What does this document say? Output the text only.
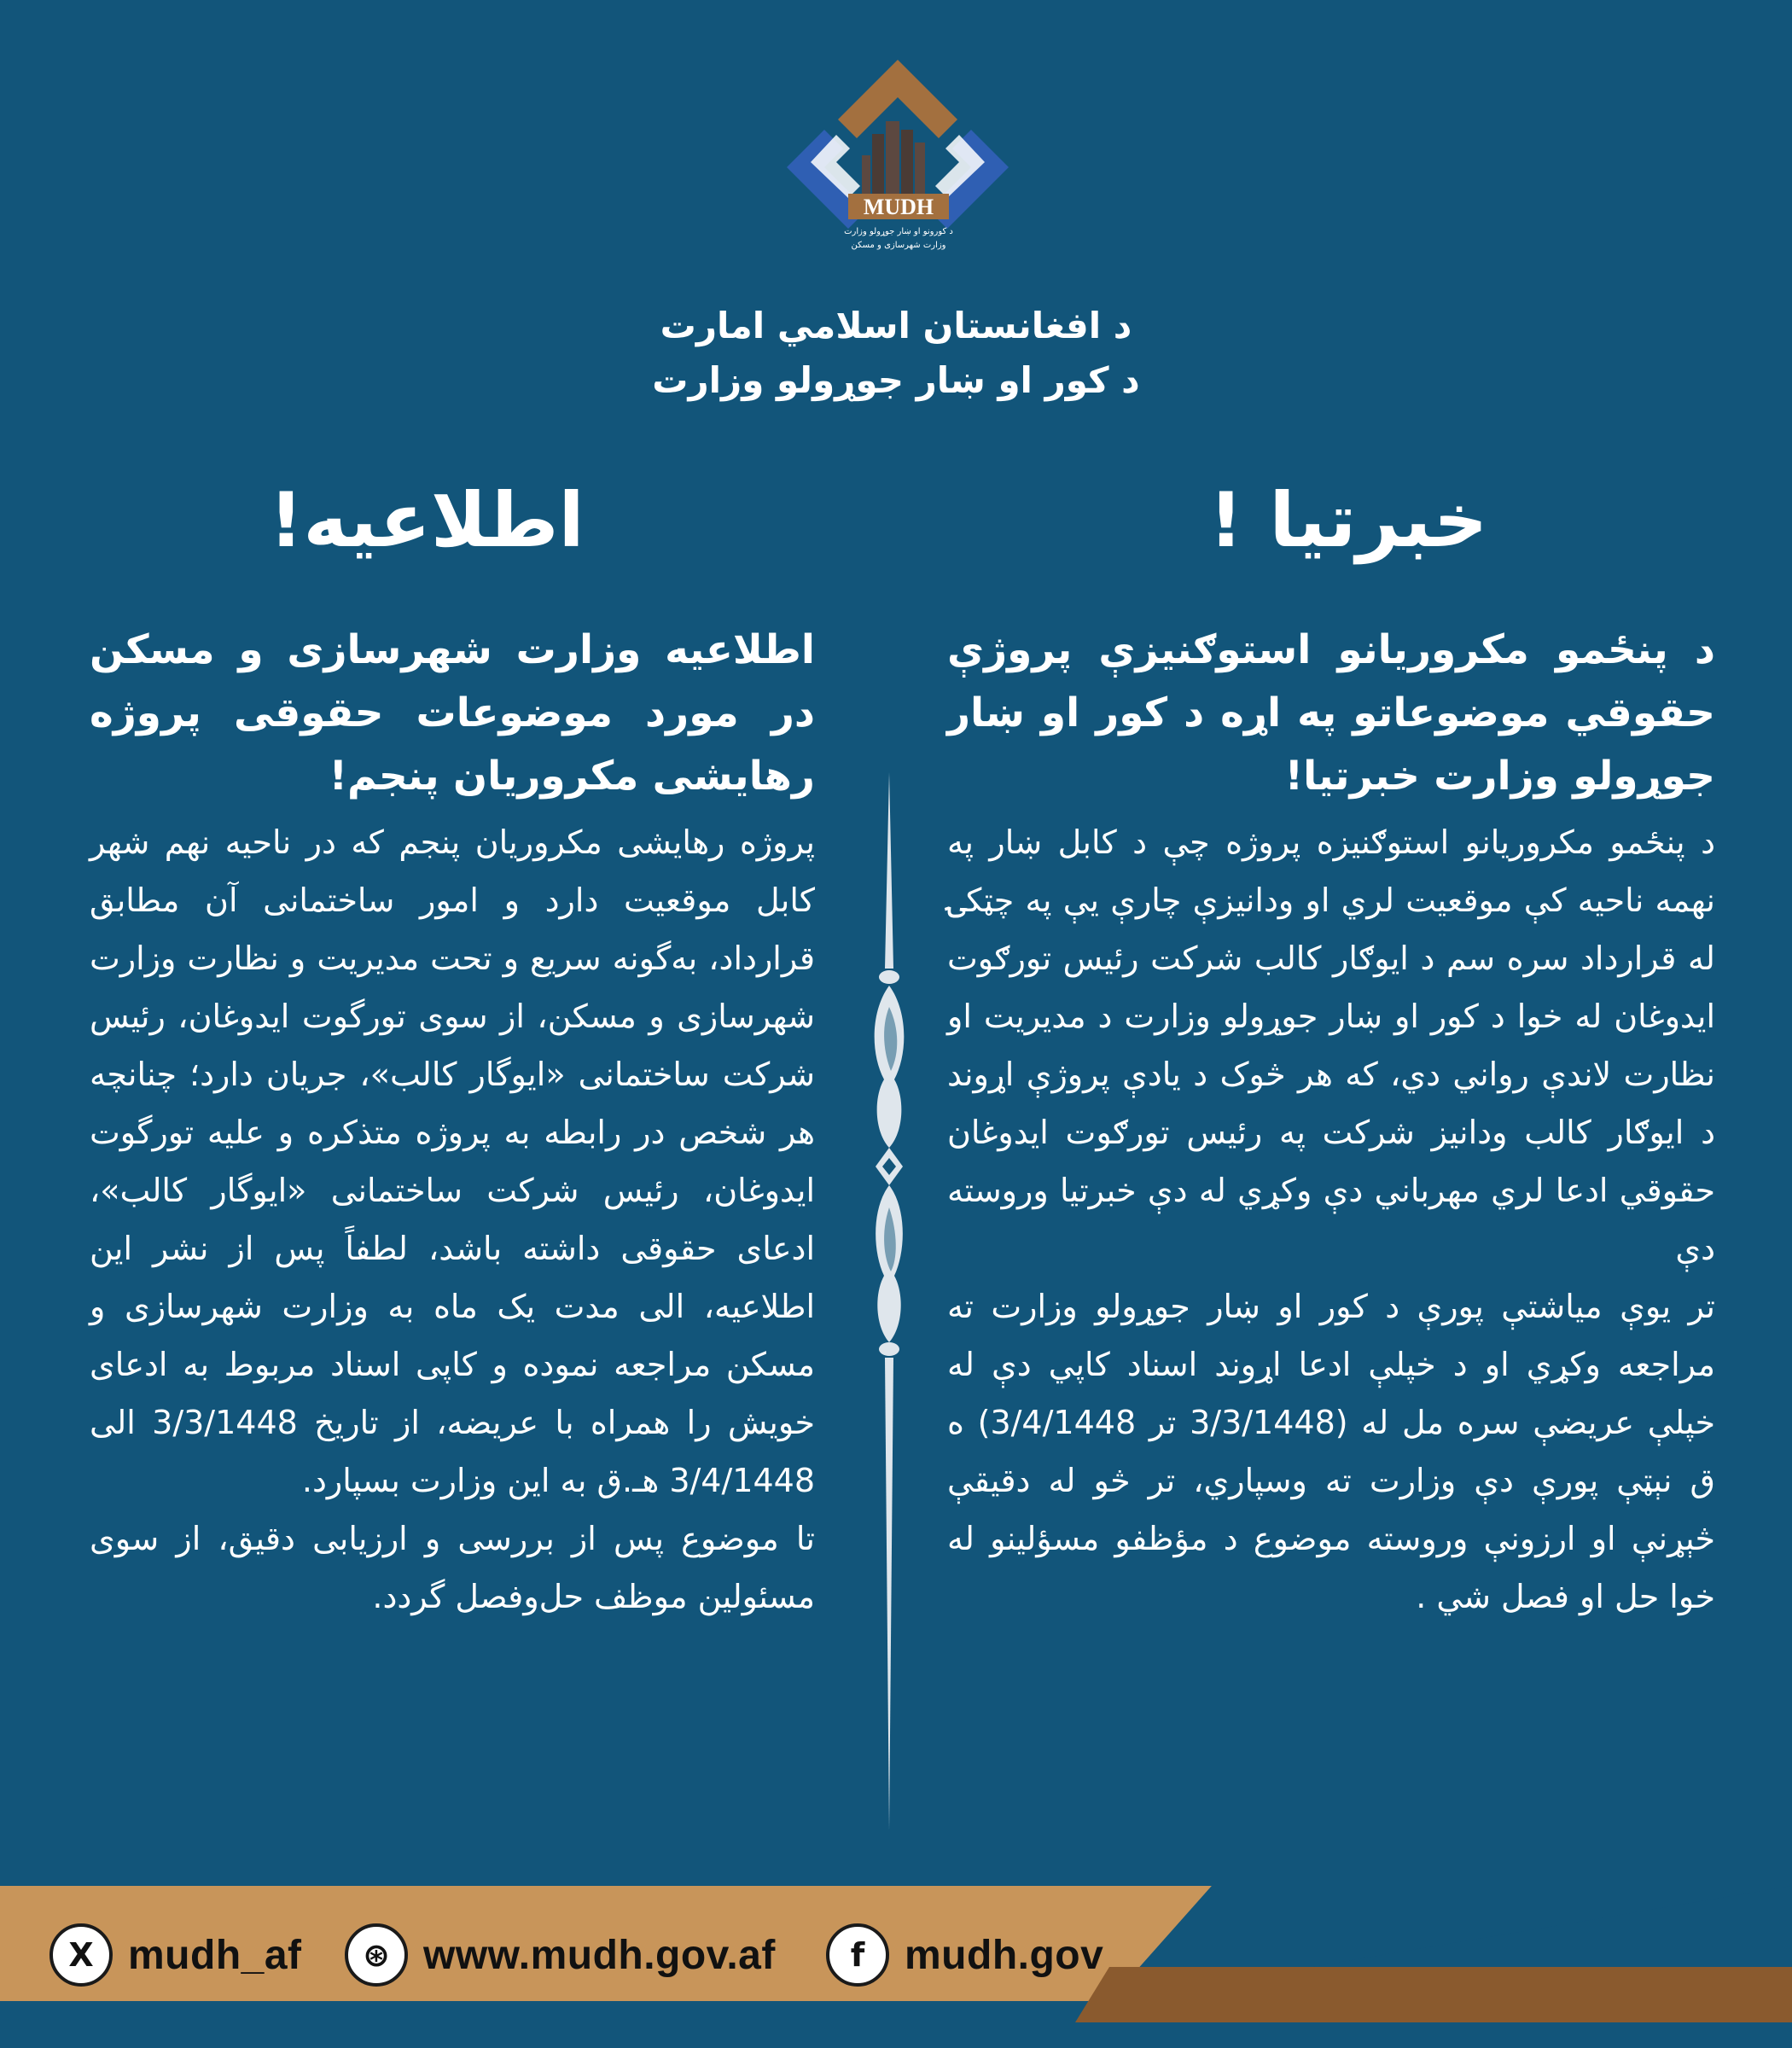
MUDH
د کورونو او ښار جوړولو وزارت
وزارت شهرسازی و مسکن
د افغانستان اسلامي امارت
د کور او ښار جوړولو وزارت
خبرتیا !
اطلاعیه!

د پنځمو مکروریانو استوګنیزې پروژې حقوقي موضوعاتو په اړه د کور او ښار جوړولو وزارت خبرتیا!

د پنځمو مکروریانو استوګنیزه پروژه چې د کابل ښار په نهمه ناحیه کې موقعیت لري او ودانیزې چارې یې په چټکۍ له قرارداد سره سم د ایوګار کالب شرکت رئیس تورګوت ایدوغان له خوا د کور او ښار جوړولو وزارت د مدیریت او نظارت لاندې رواني دي، که هر څوک د یادې پروژې اړوند د ایوګار کالب ودانیز شرکت په رئیس تورګوت ایدوغان حقوقي ادعا لري مهرباني دې وکړي له دې خبرتیا وروسته دې

تر یوې میاشتې پورې د کور او ښار جوړولو وزارت ته مراجعه وکړي او د خپلې ادعا اړوند اسناد کاپي دې له خپلې عریضې سره مل له (3/3/1448 تر 3/4/1448) ه ق نېټې پورې دې وزارت ته وسپاري، تر څو له دقیقې څېړنې او ارزونې وروسته موضوع د مؤظفو مسؤلینو له خوا حل او فصل شي .

اطلاعیه وزارت شهرسازی و مسکن در مورد موضوعات حقوقی پروژه رهایشی مکروریان پنجم!

پروژه رهایشی مکروریان پنجم که در ناحیه نهم شهر کابل موقعیت دارد و امور ساختمانی آن مطابق قرارداد، به‌گونه سریع و تحت مدیریت و نظارت وزارت شهرسازی و مسکن، از سوی تورگوت ایدوغان، رئیس شرکت ساختمانی «ایوگار کالب»، جریان دارد؛ چنانچه هر شخص در رابطه به پروژه متذکره و علیه تورگوت ایدوغان، رئیس شرکت ساختمانی «ایوگار کالب»، ادعای حقوقی داشته باشد، لطفاً پس از نشر این اطلاعیه، الی مدت یک ماه به وزارت شهرسازی و مسکن مراجعه نموده و کاپی اسناد مربوط به ادعای خویش را همراه با عریضه، از تاریخ 3/3/1448 الی 3/4/1448 هـ.ق به این وزارت بسپارد.

تا موضوع پس از بررسی و ارزیابی دقیق، از سوی مسئولین موظف حل‌وفصل گردد.

X mudh_af	⊛ www.mudh.gov.af	f mudh.gov
